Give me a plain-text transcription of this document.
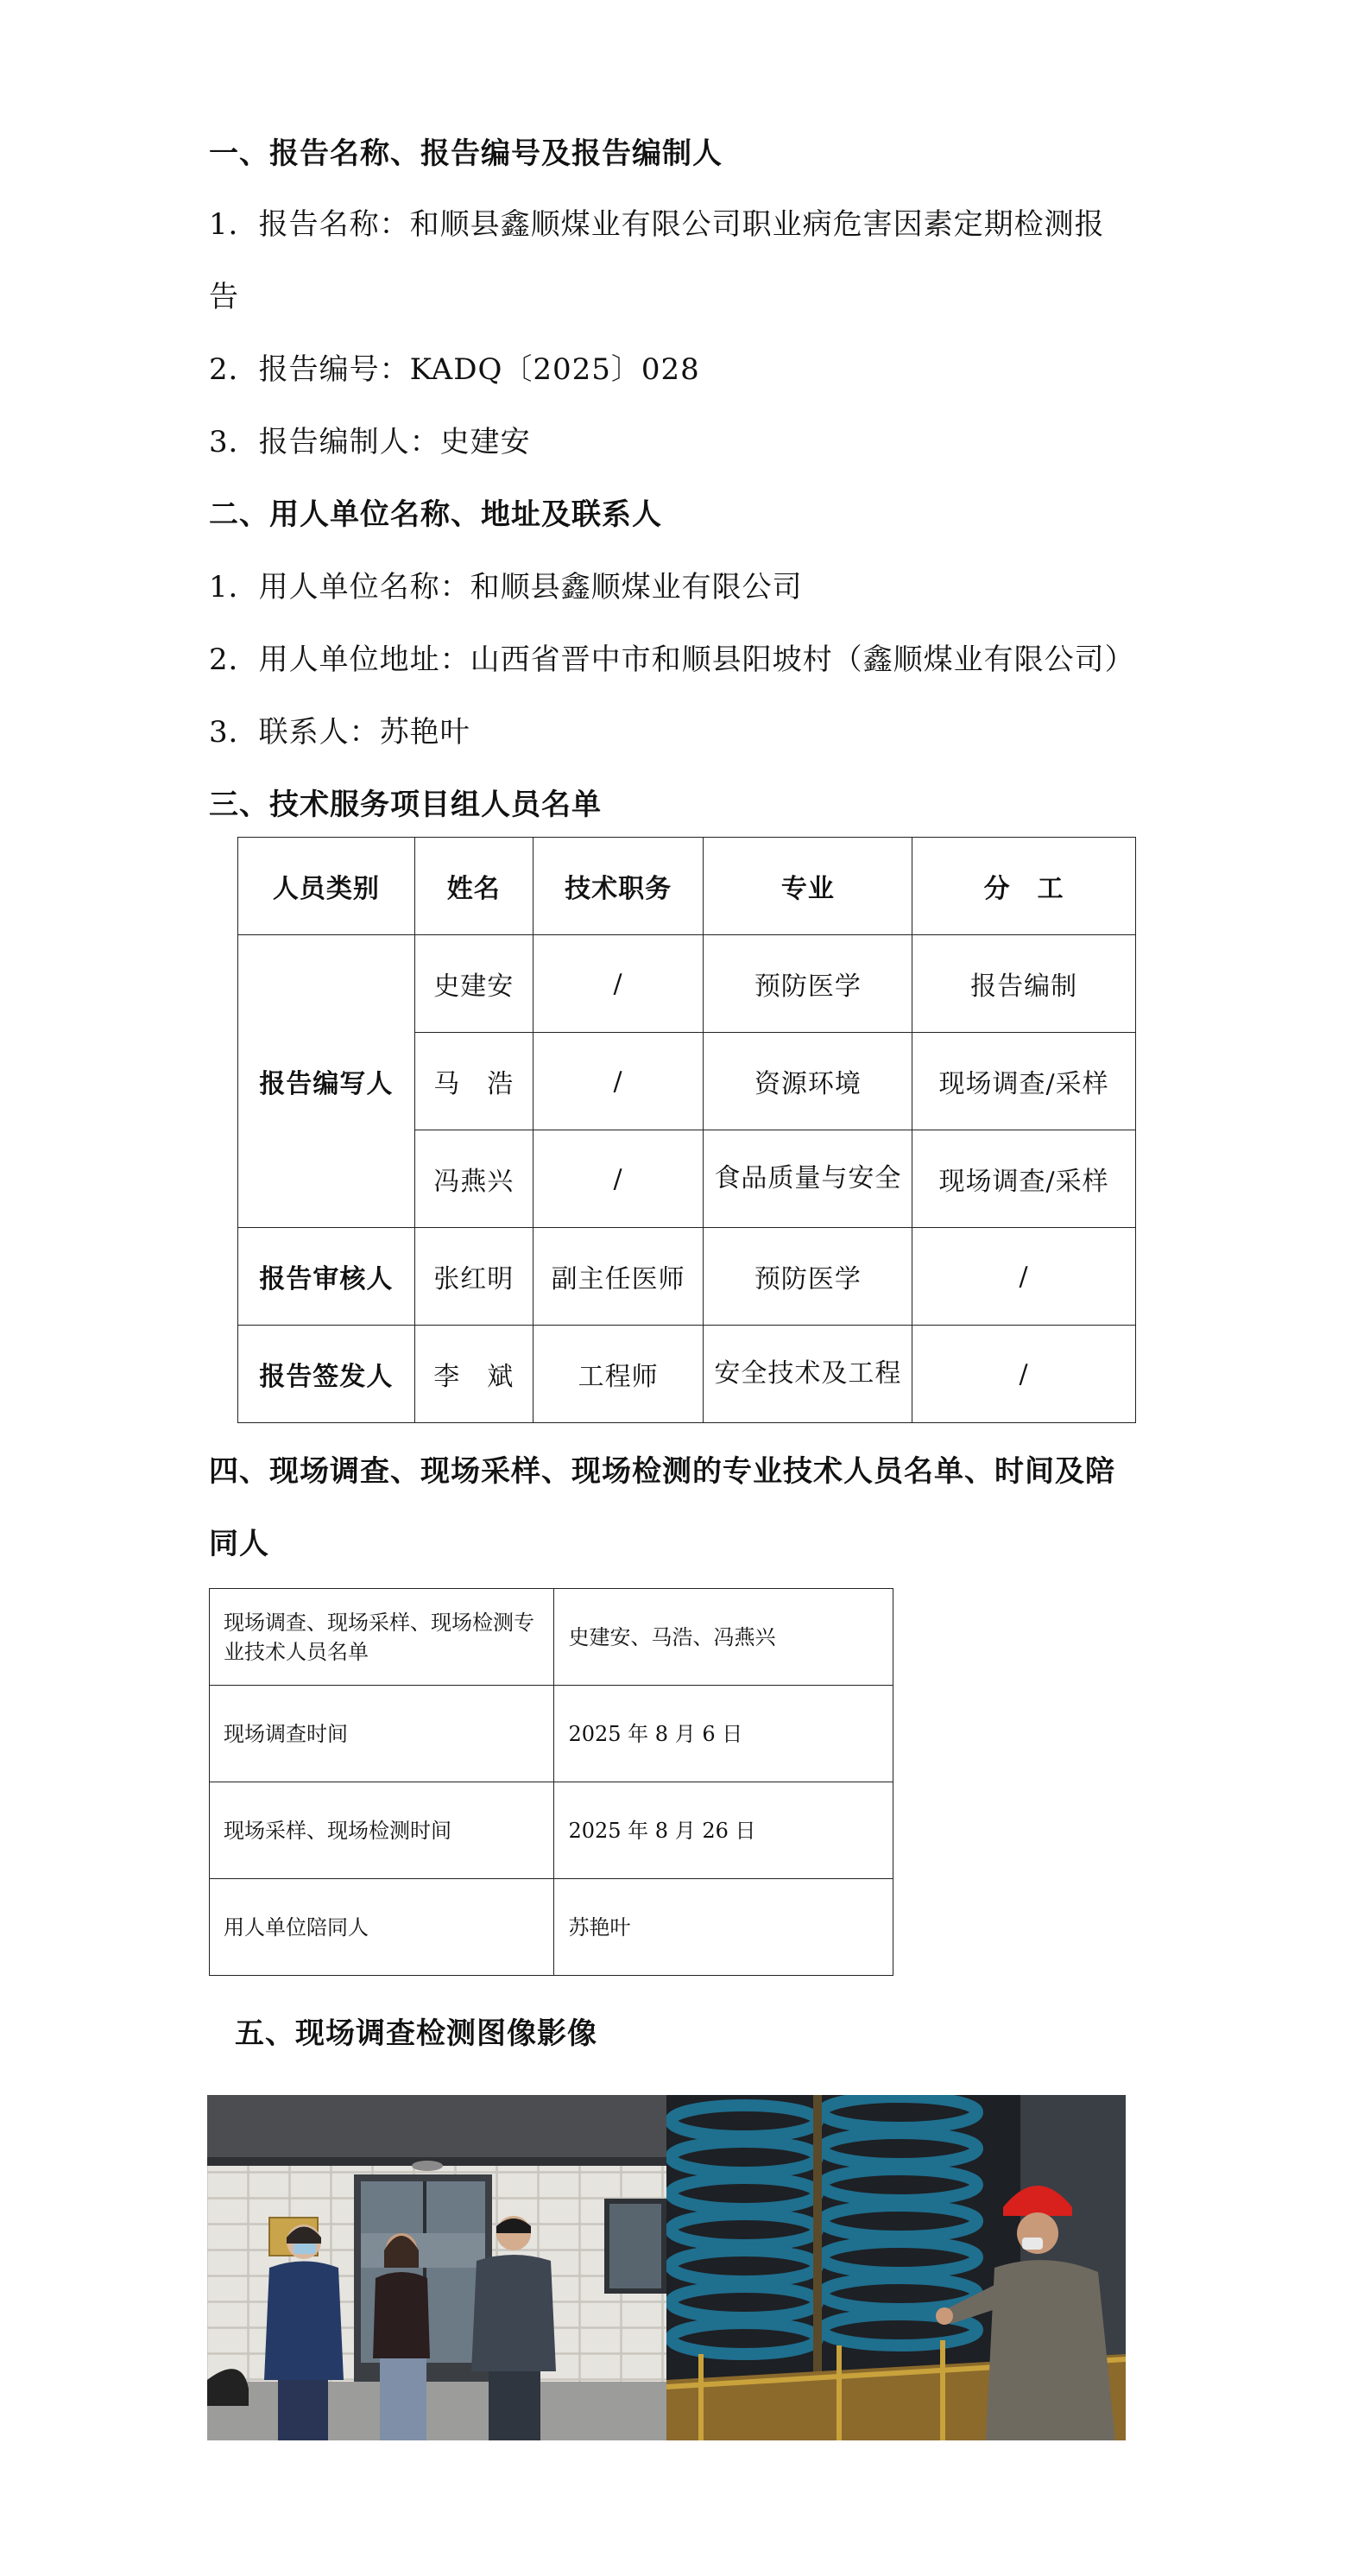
一、报告名称、报告编号及报告编制人
1．报告名称：和顺县鑫顺煤业有限公司职业病危害因素定期检测报
告
2．报告编号：KADQ〔2025〕028
3．报告编制人：史建安
二、用人单位名称、地址及联系人
1．用人单位名称：和顺县鑫顺煤业有限公司
2．用人单位地址：山西省晋中市和顺县阳坡村（鑫顺煤业有限公司）
3．联系人：苏艳叶
三、技术服务项目组人员名单
人员类别	姓名	技术职务	专业	分　工
报告编写人	史建安	/	预防医学	报告编制
	马　浩	/	资源环境	现场调查/采样
	冯燕兴	/	食品质量与安全	现场调查/采样
报告审核人	张红明	副主任医师	预防医学	/
报告签发人	李　斌	工程师	安全技术及工程	/
四、现场调查、现场采样、现场检测的专业技术人员名单、时间及陪
同人
现场调查、现场采样、现场检测专业技术人员名单	史建安、马浩、冯燕兴
现场调查时间	2025 年 8 月 6 日
现场采样、现场检测时间	2025 年 8 月 26 日
用人单位陪同人	苏艳叶
五、现场调查检测图像影像
